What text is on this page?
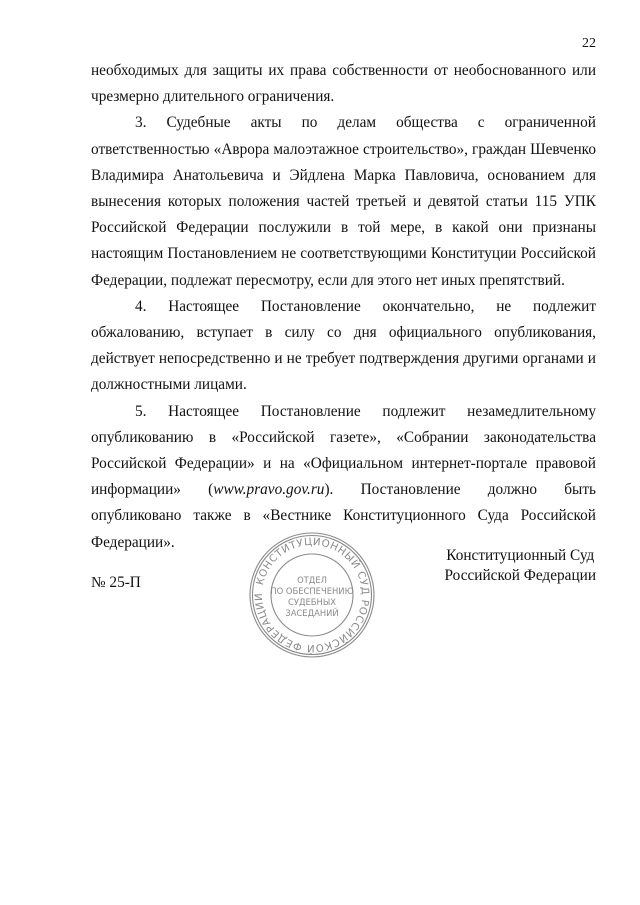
22

необходимых для защиты их права собственности от необоснованного или чрезмерно длительного ограничения.

3. Судебные акты по делам общества с ограниченной ответственностью «Аврора малоэтажное строительство», граждан Шевченко Владимира Анатольевича и Эйдлена Марка Павловича, основанием для вынесения которых положения частей третьей и девятой статьи 115 УПК Российской Федерации послужили в той мере, в какой они признаны настоящим Постановлением не соответствующими Конституции Российской Федерации, подлежат пересмотру, если для этого нет иных препятствий.

4. Настоящее Постановление окончательно, не подлежит обжалованию, вступает в силу со дня официального опубликования, действует непосредственно и не требует подтверждения другими органами и должностными лицами.

5. Настоящее Постановление подлежит незамедлительному опубликованию в «Российской газете», «Собрании законодательства Российской Федерации» и на «Официальном интернет-портале правовой информации» (www.pravo.gov.ru). Постановление должно быть опубликовано также в «Вестнике Конституционного Суда Российской Федерации».

Конституционный Суд
Российской Федерации
№ 25-П	КОНСТИТУЦИОННЫЙ СУД РОССИЙСКОЙ ФЕДЕРАЦИИ
ОТДЕЛ
ПО ОБЕСПЕЧЕНИЮ
СУДЕБНЫХ
ЗАСЕДАНИЙ
